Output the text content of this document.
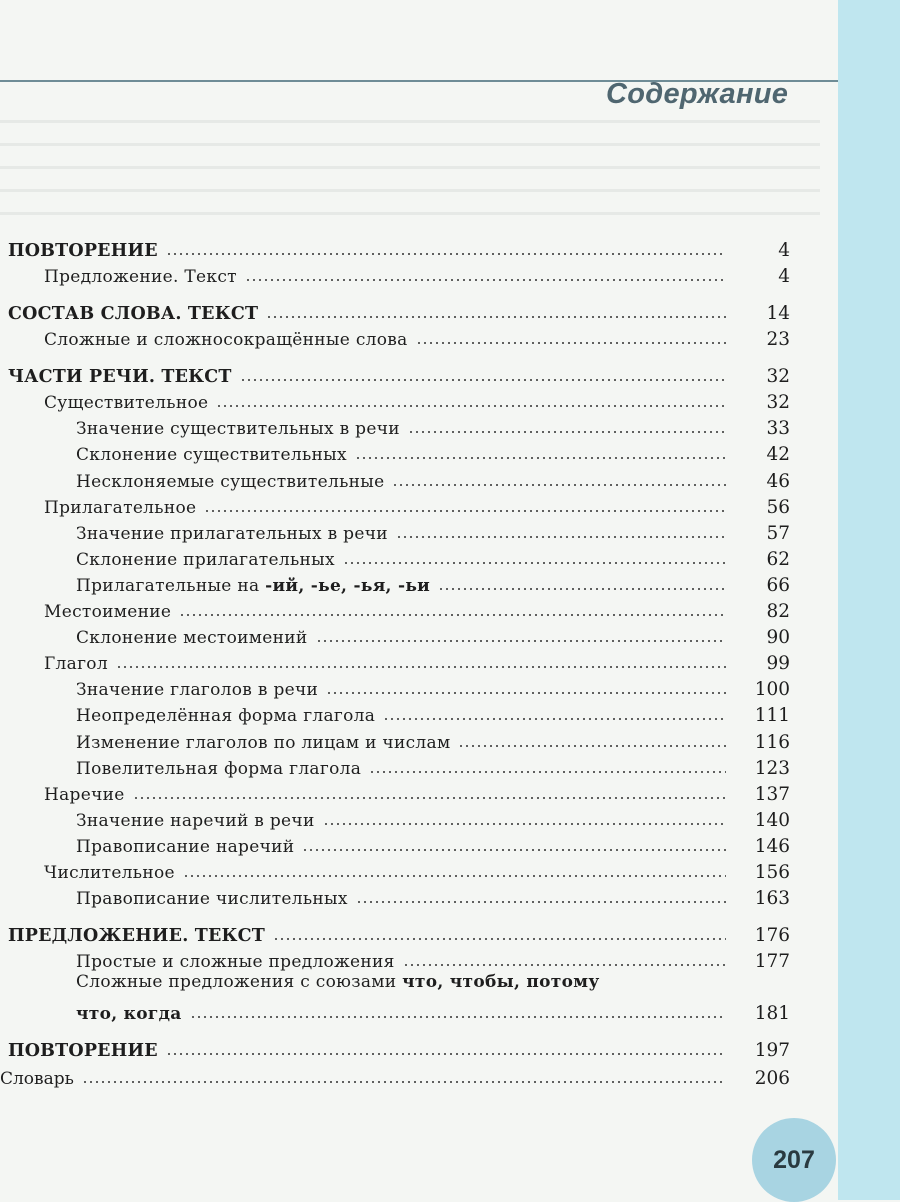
Содержание
ПОВТОРЕНИЕ	4
Предложение. Текст	4
СОСТАВ СЛОВА. ТЕКСТ	14
Сложные и сложносокращённые слова	23
ЧАСТИ РЕЧИ. ТЕКСТ	32
Существительное	32
Значение существительных в речи	33
Склонение существительных	42
Несклоняемые существительные	46
Прилагательное	56
Значение прилагательных в речи	57
Склонение прилагательных	62
Прилагательные на -ий, -ье, -ья, -ьи	66
Местоимение	82
Склонение местоимений	90
Глагол	99
Значение глаголов в речи	100
Неопределённая форма глагола	111
Изменение глаголов по лицам и числам	116
Повелительная форма глагола	123
Наречие	137
Значение наречий в речи	140
Правописание наречий	146
Числительное	156
Правописание числительных	163
ПРЕДЛОЖЕНИЕ. ТЕКСТ	176
Простые и сложные предложения	177
Сложные предложения с союзами что, чтобы, потому
что, когда	181
ПОВТОРЕНИЕ	197
Словарь	206
207
